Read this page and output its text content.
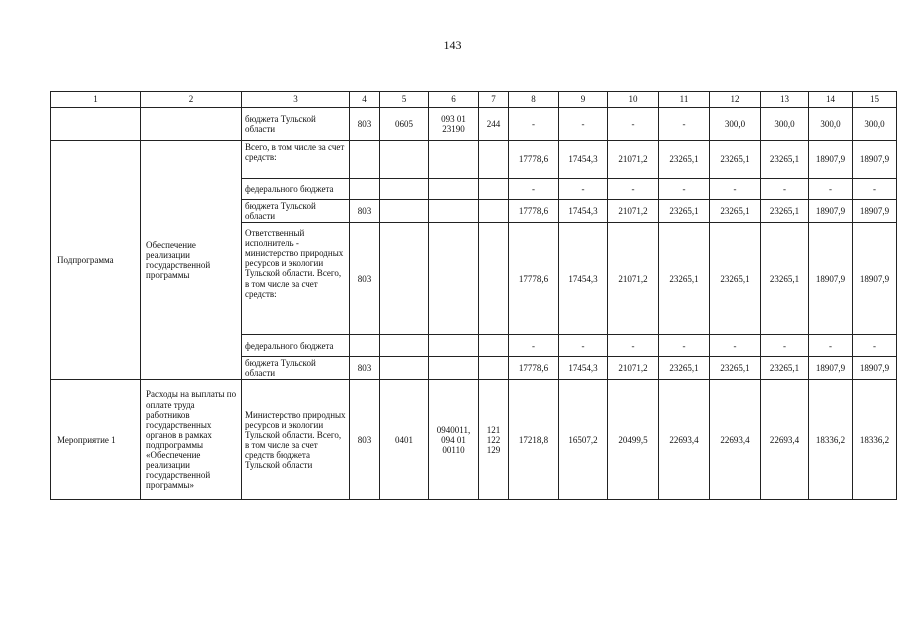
143
1	2	3	4	5	6	7	8	9	10	11	12	13	14	15
		бюджета Тульской области	803	0605	093 01 23190	244	-	-	-	-	300,0	300,0	300,0	300,0
Подпрограмма	Обеспечение реализации государственной программы	Всего, в том числе за счет средств:					17778,6	17454,3	21071,2	23265,1	23265,1	23265,1	18907,9	18907,9
		федерального бюджета					-	-	-	-	-	-	-	-
		бюджета Тульской области	803				17778,6	17454,3	21071,2	23265,1	23265,1	23265,1	18907,9	18907,9
		Ответственный исполнитель - министерство природных ресурсов и экологии Тульской области. Всего, в том числе за счет средств:	803				17778,6	17454,3	21071,2	23265,1	23265,1	23265,1	18907,9	18907,9
		федерального бюджета					-	-	-	-	-	-	-	-
		бюджета Тульской области	803				17778,6	17454,3	21071,2	23265,1	23265,1	23265,1	18907,9	18907,9
Мероприятие 1	Расходы на выплаты по оплате труда работников государственных органов в рамках подпрограммы «Обеспечение реализации государственной программы»	Министерство природных ресурсов и экологии Тульской области. Всего, в том числе за счет средств бюджета Тульской области	803	0401	0940011, 094 01 00110	121 122 129	17218,8	16507,2	20499,5	22693,4	22693,4	22693,4	18336,2	18336,2
